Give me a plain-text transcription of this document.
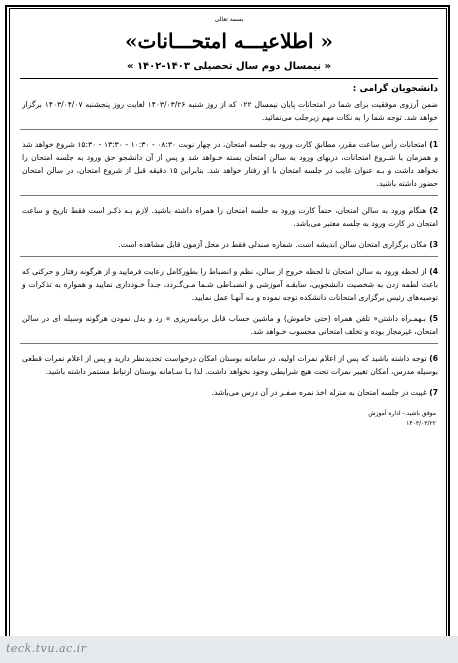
بسمه تعالی
« اطلاعیـــه امتحـــانات»
« نیمسال دوم سال تحصیلی ۱۴۰۳-۱۴۰۲ »
دانشجویان گرامی :

ضمن آرزوی موفقیت برای شما در امتحانات پایان نیمسال ۰۲۲ که از روز شنبه ۱۴۰۳/۰۳/۲۶ لغایت روز پنجشنبه ۱۴۰۳/۰۴/۰۷ برگزار خواهد شد. توجه شما را به نکات مهم زیرجلب می‌نمائید.

1) امتحانات رأس ساعت مقرر، مطابق کارت ورود به جلسه امتحان، در چهار نوبت ۰۸:۳۰ - ۱۰:۳۰ - ۱۳:۳۰ - ۱۵:۳۰ شروع خواهد شد و همزمان با شـروع امتحانات، دربهای ورود به سالن امتحان بسته خـواهد شد و پس از آن دانشجو حق ورود به جلسه امتحان را نخواهد داشت و بـه عنوان غایب در جلسه امتحان با او رفتار خواهد شد. بنابراین ۱۵ دقیقه قبل از شروع امتحان، در سالن امتحان حضور داشته باشید.

2) هنگام ورود به سالن امتحان، حتماً کارت ورود به جلسه امتحان را همراه داشته باشید. لازم بـه ذکـر است فقط تاریخ و ساعت امتحان در کارت ورود به جلسه معتبر می‌باشد.

3) مکان برگزاری امتحان سالن اندیشه است. شماره صندلی فقط در محل آزمون قابل مشاهده است.

4) از لحظه ورود به سالن امتحان تا لحظه خروج از سالن، نظم و انضباط را بطورکامل رعایت فرمایید و از هرگونه رفتار و حرکتی که باعث لطمه زدن به شخصیت دانشجویی، سابقـه آموزشی و انضبـاطی شـما مـی‌گـردد، جـداً خـودداری نمایید و همواره به تذکرات و توصیه‌های رئیس برگزاری امتحانات دانشکده توجه نموده و بـه آنهـا عمل نمایید.

5) بـهمـراه داشتن« تلفن همراه (حتی خاموش) و ماشین حساب قابل برنامه‌ریزی » رد و بدل نمودن هرگونه وسیله ای در سالن امتحان، غیرمجاز بوده و تخلف امتحانی محسوب خـواهد شد.

6) توجه داشته باشید که پس از اعلام نمرات اولیه، در سامانه بوستان امکان درخواست تجدیدنظر دارید و پس از اعلام نمرات قطعی بوسیله مدرس، امکان تغییر نمرات تحت هیچ شرایطی وجود نخواهد داشت. لذا بـا سـامانه بوستان ارتباط مستمر داشته باشید.

7) غیبت در جلسه امتحان به منزله اخذ نمره صفـر در آن درس می‌باشد.

موفق باشید.- اداره آموزش
۱۴۰۳/۰۳/۲۲
teck.tvu.ac.ir
